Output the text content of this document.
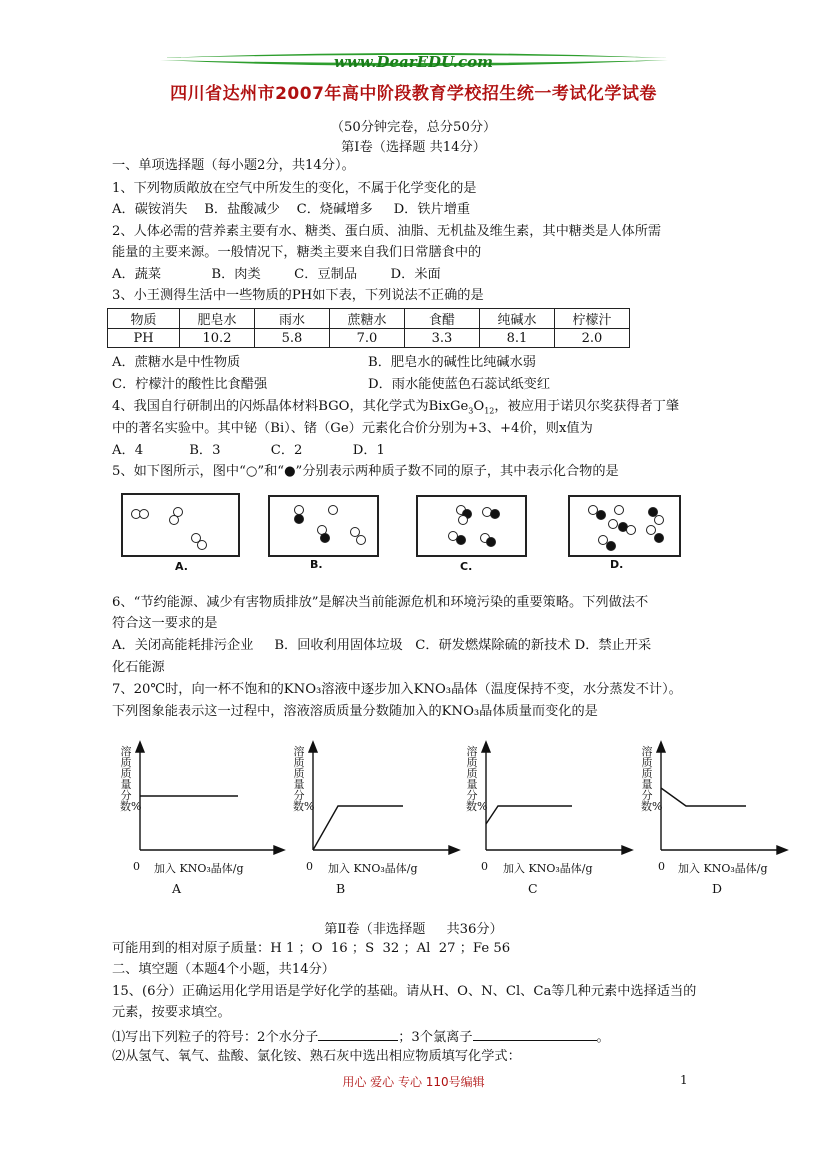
www.DearEDU.com
四川省达州市2007年高中阶段教育学校招生统一考试化学试卷
（50分钟完卷，总分50分）
第Ⅰ卷（选择题 共14分）
一、单项选择题（每小题2分，共14分）。
1、下列物质敞放在空气中所发生的变化，不属于化学变化的是
A．碳铵消失    B．盐酸减少    C．烧碱增多     D．铁片增重
2、人体必需的营养素主要有水、糖类、蛋白质、油脂、无机盐及维生素，其中糖类是人体所需
能量的主要来源。一般情况下，糖类主要来自我们日常膳食中的
A．蔬菜            B．肉类        C．豆制品        D．米面
3、小王测得生活中一些物质的PH如下表，下列说法不正确的是
物质	肥皂水	雨水	蔗糖水	食醋	纯碱水	柠檬汁
PH	10.2	5.8	7.0	3.3	8.1	2.0
A．蔗糖水是中性物质	B．肥皂水的碱性比纯碱水弱
C．柠檬汁的酸性比食醋强	D．雨水能使蓝色石蕊试纸变红
4、我国自行研制出的闪烁晶体材料BGO，其化学式为$BixGe_3O_{12}$，被应用于诺贝尔奖获得者丁肇
中的著名实验中。其中铋（Bi）、锗（Ge）元素化合价分别为+3、+4价，则x值为
A．4           B．3            C．2            D．1
5、如下图所示，图中“○”和“●”分别表示两种质子数不同的原子，其中表示化合物的是
A.	B.	C.	D.
6、“节约能源、减少有害物质排放”是解决当前能源危机和环境污染的重要策略。下列做法不
符合这一要求的是
A．关闭高能耗排污企业     B．回收利用固体垃圾   C．研发燃煤除硫的新技术 D．禁止开采
化石能源
7、20℃时，向一杯不饱和的KNO₃溶液中逐步加入KNO₃晶体（温度保持不变，水分蒸发不计）。
下列图象能表示这一过程中，溶液溶质质量分数随加入的KNO₃晶体质量而变化的是
溶质质量分数%
溶质质量分数%
溶质质量分数%
溶质质量分数%
0 加入 KNO₃晶体/g	0 加入 KNO₃晶体/g	0 加入 KNO₃晶体/g	0 加入 KNO₃晶体/g
A	B	C	D
第Ⅱ卷（非选择题     共36分）
可能用到的相对原子质量：H 1 ；O  16 ；S  32 ；Al  27 ；Fe 56
二、填空题（本题4个小题，共14分）
15、(6分）正确运用化学用语是学好化学的基础。请从H、O、N、Cl、Ca等几种元素中选择适当的
元素，按要求填空。
⑴写出下列粒子的符号：2个水分子	；3个氯离子	。
⑵从氢气、氧气、盐酸、氯化铵、熟石灰中选出相应物质填写化学式：
用心 爱心 专心 110号编辑	1
